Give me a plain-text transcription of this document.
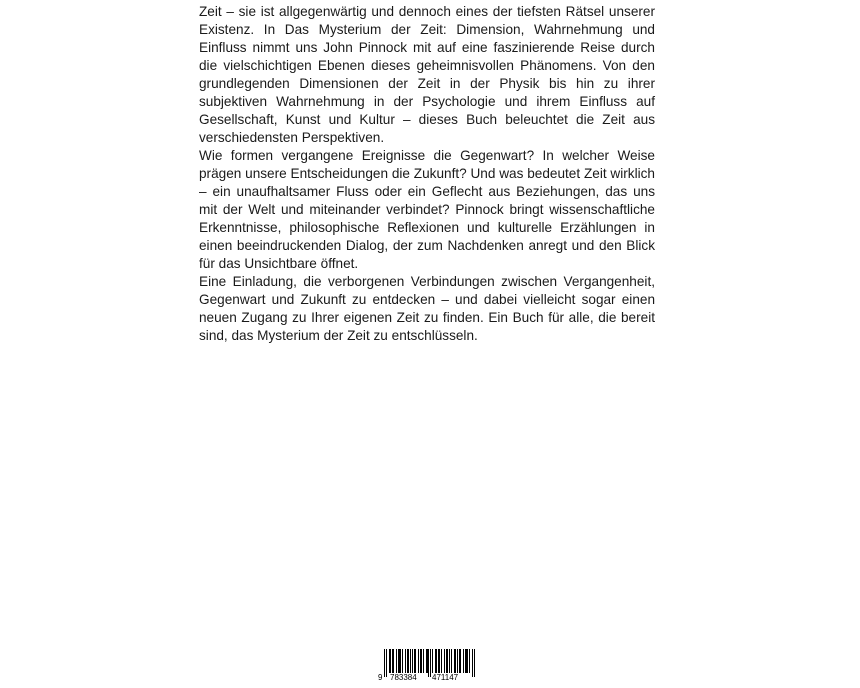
Zeit – sie ist allgegenwärtig und dennoch eines der tiefsten Rätsel unserer Existenz. In Das Mysterium der Zeit: Dimension, Wahrnehmung und Einfluss nimmt uns John Pinnock mit auf eine faszinierende Reise durch die vielschichtigen Ebenen dieses geheimnisvollen Phänomens. Von den grundlegenden Dimensionen der Zeit in der Physik bis hin zu ihrer subjektiven Wahrnehmung in der Psychologie und ihrem Einfluss auf Gesellschaft, Kunst und Kultur – dieses Buch beleuchtet die Zeit aus verschiedensten Perspektiven.

Wie formen vergangene Ereignisse die Gegenwart? In welcher Weise prägen unsere Entscheidungen die Zukunft? Und was bedeutet Zeit wirklich – ein unaufhaltsamer Fluss oder ein Geflecht aus Beziehungen, das uns mit der Welt und miteinander verbindet? Pinnock bringt wissenschaftliche Erkenntnisse, philosophische Reflexionen und kulturelle Erzählungen in einen beeindruckenden Dialog, der zum Nachdenken anregt und den Blick für das Unsichtbare öffnet.

Eine Einladung, die verborgenen Verbindungen zwischen Vergangenheit, Gegenwart und Zukunft zu entdecken – und dabei vielleicht sogar einen neuen Zugang zu Ihrer eigenen Zeit zu finden. Ein Buch für alle, die bereit sind, das Mysterium der Zeit zu entschlüsseln.

9 783384 471147
